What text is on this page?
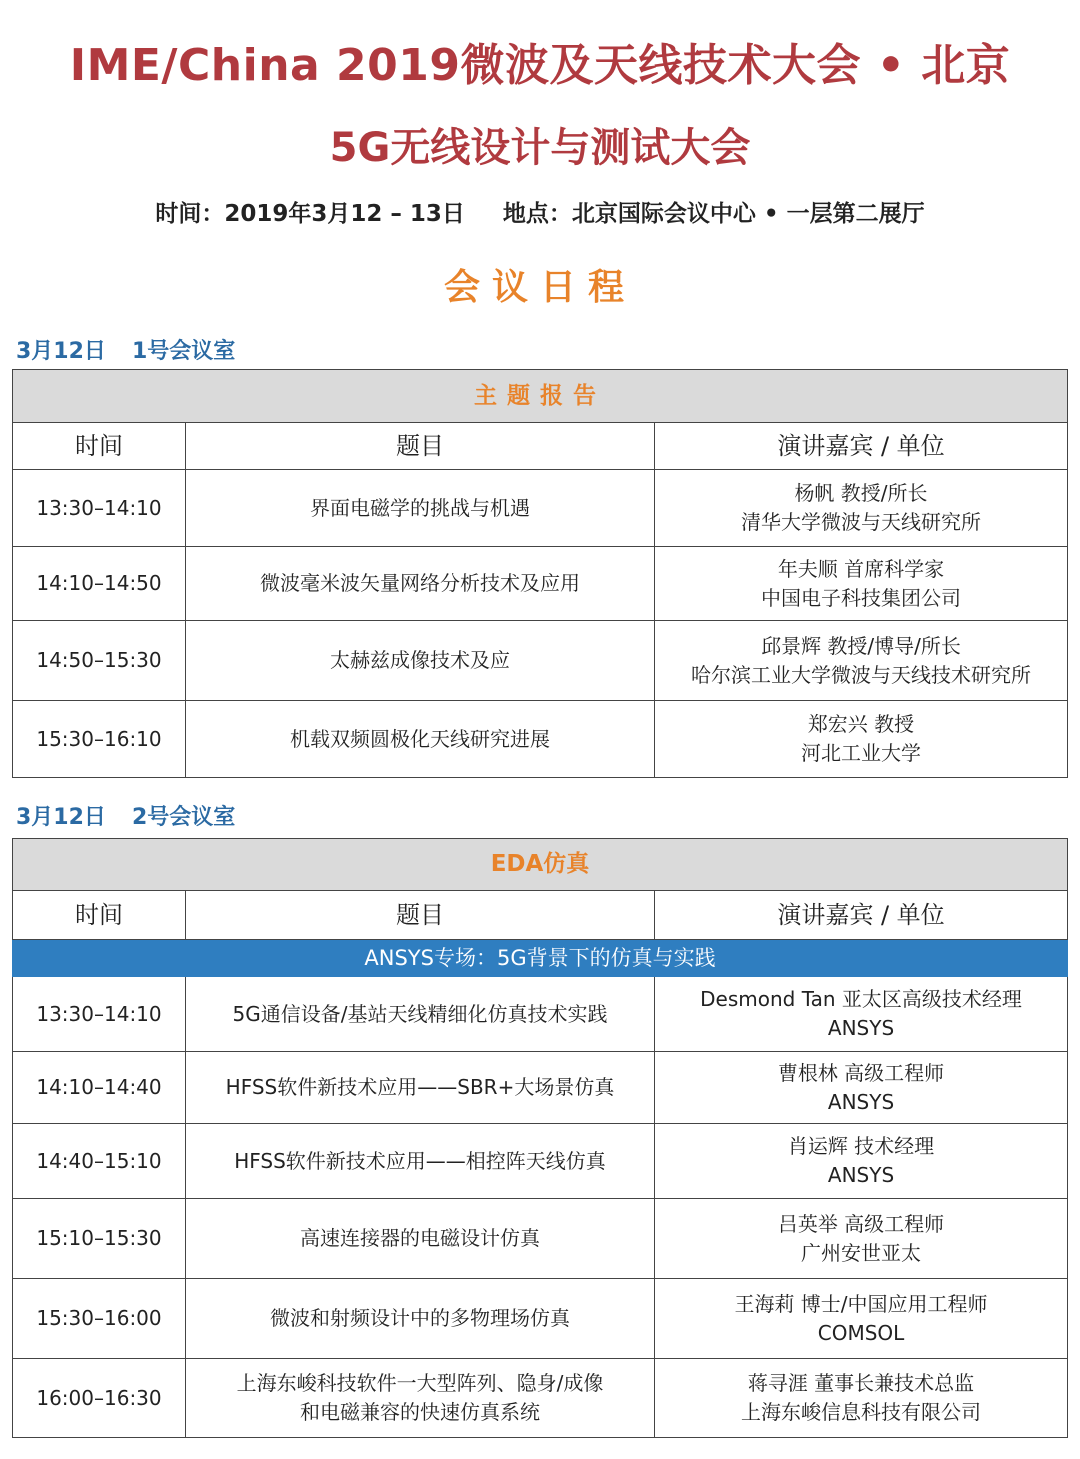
IME/China 2019微波及天线技术大会 • 北京
5G无线设计与测试大会
时间：2019年3月12 – 13日 地点：北京国际会议中心 • 一层第二展厅
会议日程
3月12日 1号会议室
主题报告		
时间	题目	演讲嘉宾 / 单位
13:30–14:10	界面电磁学的挑战与机遇	杨帆 教授/所长
清华大学微波与天线研究所

14:10–14:50	微波毫米波矢量网络分析技术及应用	年夫顺 首席科学家
中国电子科技集团公司

14:50–15:30	太赫兹成像技术及应	邱景辉 教授/博导/所长
哈尔滨工业大学微波与天线技术研究所

15:30–16:10	机载双频圆极化天线研究进展	郑宏兴 教授
河北工业大学
3月12日 2号会议室
EDA仿真		
时间	题目	演讲嘉宾 / 单位
ANSYS专场：5G背景下的仿真与实践		
13:30–14:10	5G通信设备/基站天线精细化仿真技术实践	Desmond Tan 亚太区高级技术经理
ANSYS

14:10–14:40	HFSS软件新技术应用——SBR+大场景仿真	曹根林 高级工程师
ANSYS

14:40–15:10	HFSS软件新技术应用——相控阵天线仿真	肖运辉 技术经理
ANSYS

15:10–15:30	高速连接器的电磁设计仿真	吕英举 高级工程师
广州安世亚太

15:30–16:00	微波和射频设计中的多物理场仿真	王海莉 博士/中国应用工程师
COMSOL

16:00–16:30	上海东峻科技软件一大型阵列、隐身/成像
和电磁兼容的快速仿真系统	蒋寻涯 董事长兼技术总监
上海东峻信息科技有限公司
